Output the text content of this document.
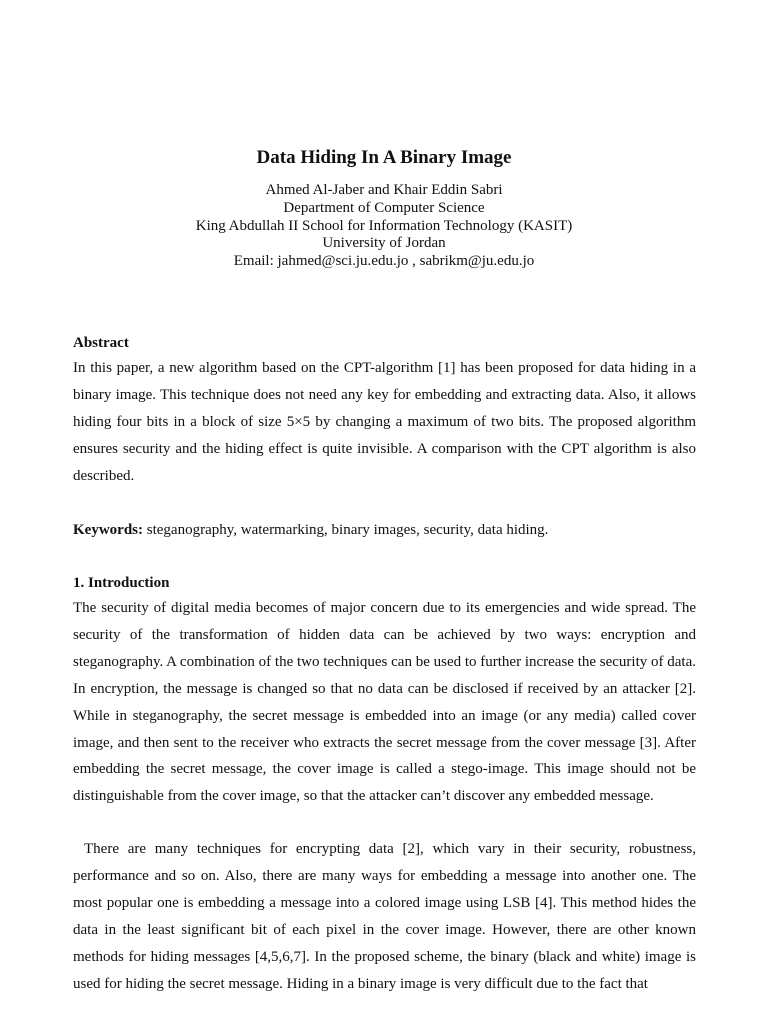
Data Hiding In A Binary Image
Ahmed Al-Jaber and Khair Eddin Sabri
Department of Computer Science
King Abdullah II School for Information Technology (KASIT)
University of Jordan
Email: jahmed@sci.ju.edu.jo , sabrikm@ju.edu.jo
Abstract
In this paper, a new algorithm based on the CPT-algorithm [1] has been proposed for data hiding in a binary image. This technique does not need any key for embedding and extracting data. Also, it allows hiding four bits in a block of size 5×5 by changing a maximum of two bits. The proposed algorithm ensures security and the hiding effect is quite invisible. A comparison with the CPT algorithm is also described.
Keywords: steganography, watermarking, binary images, security, data hiding.
1. Introduction
The security of digital media becomes of major concern due to its emergencies and wide spread. The security of the transformation of hidden data can be achieved by two ways: encryption and steganography. A combination of the two techniques can be used to further increase the security of data. In encryption, the message is changed so that no data can be disclosed if received by an attacker [2]. While in steganography, the secret message is embedded into an image (or any media) called cover image, and then sent to the receiver who extracts the secret message from the cover message [3]. After embedding the secret message, the cover image is called a stego-image. This image should not be distinguishable from the cover image, so that the attacker can’t discover any embedded message.
There are many techniques for encrypting data [2], which vary in their security, robustness, performance and so on. Also, there are many ways for embedding a message into another one. The most popular one is embedding a message into a colored image using LSB [4]. This method hides the data in the least significant bit of each pixel in the cover image. However, there are other known methods for hiding messages [4,5,6,7]. In the proposed scheme, the binary (black and white) image is used for hiding the secret message. Hiding in a binary image is very difficult due to the fact that
